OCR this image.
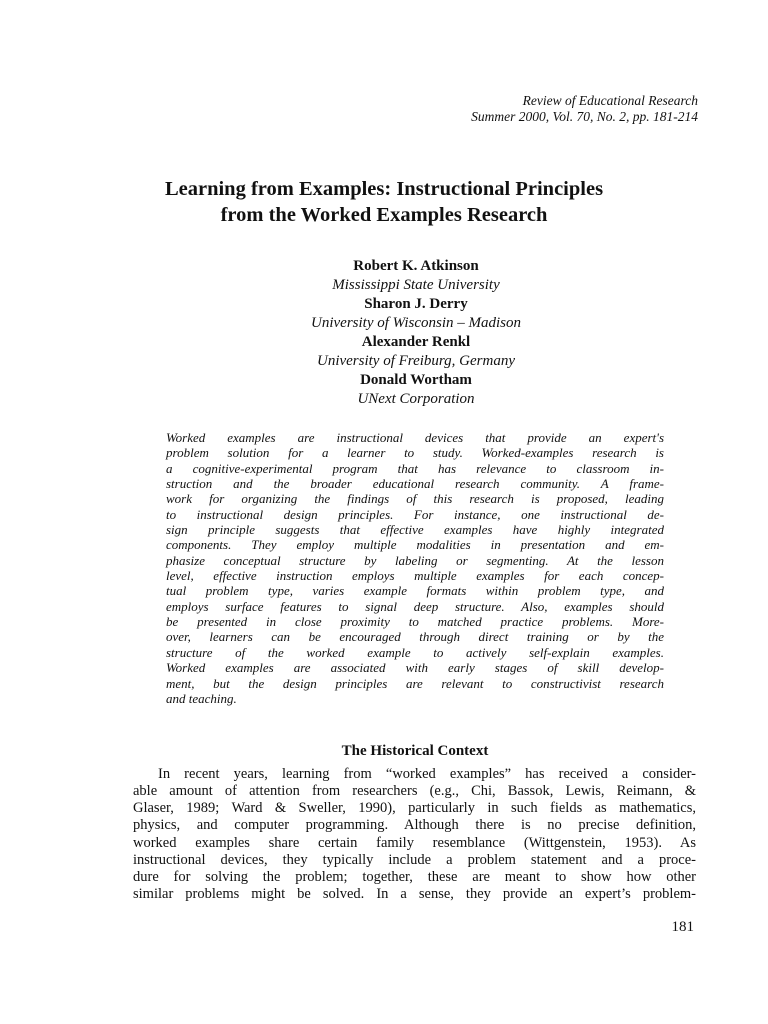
Review of Educational Research
Summer 2000, Vol. 70, No. 2, pp. 181-214
Learning from Examples: Instructional Principles
from the Worked Examples Research
Robert K. Atkinson
Mississippi State University
Sharon J. Derry
University of Wisconsin – Madison
Alexander Renkl
University of Freiburg, Germany
Donald Wortham
UNext Corporation
Worked examples are instructional devices that provide an expert's
problem solution for a learner to study. Worked-examples research is
a cognitive-experimental program that has relevance to classroom in-
struction and the broader educational research community. A frame-
work for organizing the findings of this research is proposed, leading
to instructional design principles. For instance, one instructional de-
sign principle suggests that effective examples have highly integrated
components. They employ multiple modalities in presentation and em-
phasize conceptual structure by labeling or segmenting. At the lesson
level, effective instruction employs multiple examples for each concep-
tual problem type, varies example formats within problem type, and
employs surface features to signal deep structure. Also, examples should
be presented in close proximity to matched practice problems. More-
over, learners can be encouraged through direct training or by the
structure of the worked example to actively self-explain examples.
Worked examples are associated with early stages of skill develop-
ment, but the design principles are relevant to constructivist research
and teaching.
The Historical Context
In recent years, learning from “worked examples” has received a consider-
able amount of attention from researchers (e.g., Chi, Bassok, Lewis, Reimann, &
Glaser, 1989; Ward & Sweller, 1990), particularly in such fields as mathematics,
physics, and computer programming. Although there is no precise definition,
worked examples share certain family resemblance (Wittgenstein, 1953). As
instructional devices, they typically include a problem statement and a proce-
dure for solving the problem; together, these are meant to show how other
similar problems might be solved. In a sense, they provide an expert’s problem-
181
